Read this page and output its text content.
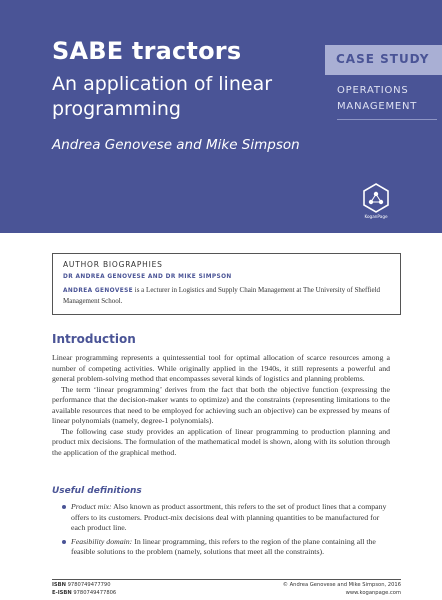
SABE tractors
An application of linear programming
Andrea Genovese and Mike Simpson
CASE STUDY
OPERATIONS
MANAGEMENT
KoganPage
AUTHOR BIOGRAPHIES
DR ANDREA GENOVESE AND DR MIKE SIMPSON
ANDREA GENOVESE is a Lecturer in Logistics and Supply Chain Management at The University of Sheffield Management School.
Introduction

Linear programming represents a quintessential tool for optimal allocation of scarce resources among a number of competing activities. While originally applied in the 1940s, it still represents a powerful and general problem-solving method that encompasses several kinds of logistics and planning problems.

The term ‘linear programming’ derives from the fact that both the objective function (expressing the performance that the decision-maker wants to optimize) and the constraints (representing limitations to the available resources that need to be employed for achieving such an objective) can be expressed by means of linear polynomials (namely, degree-1 polynomials).

The following case study provides an application of linear programming to production planning and product mix decisions. The formulation of the mathematical model is shown, along with its solution through the application of the graphical method.

Useful definitions
Product mix: Also known as product assortment, this refers to the set of product lines that a company offers to its customers. Product-mix decisions deal with planning quantities to be manufactured for each product line.
Feasibility domain: In linear programming, this refers to the region of the plane containing all the feasible solutions to the problem (namely, solutions that meet all the constraints).
ISBN 9780749477790
E-ISBN 9780749477806
© Andrea Genovese and Mike Simpson, 2016
www.koganpage.com
